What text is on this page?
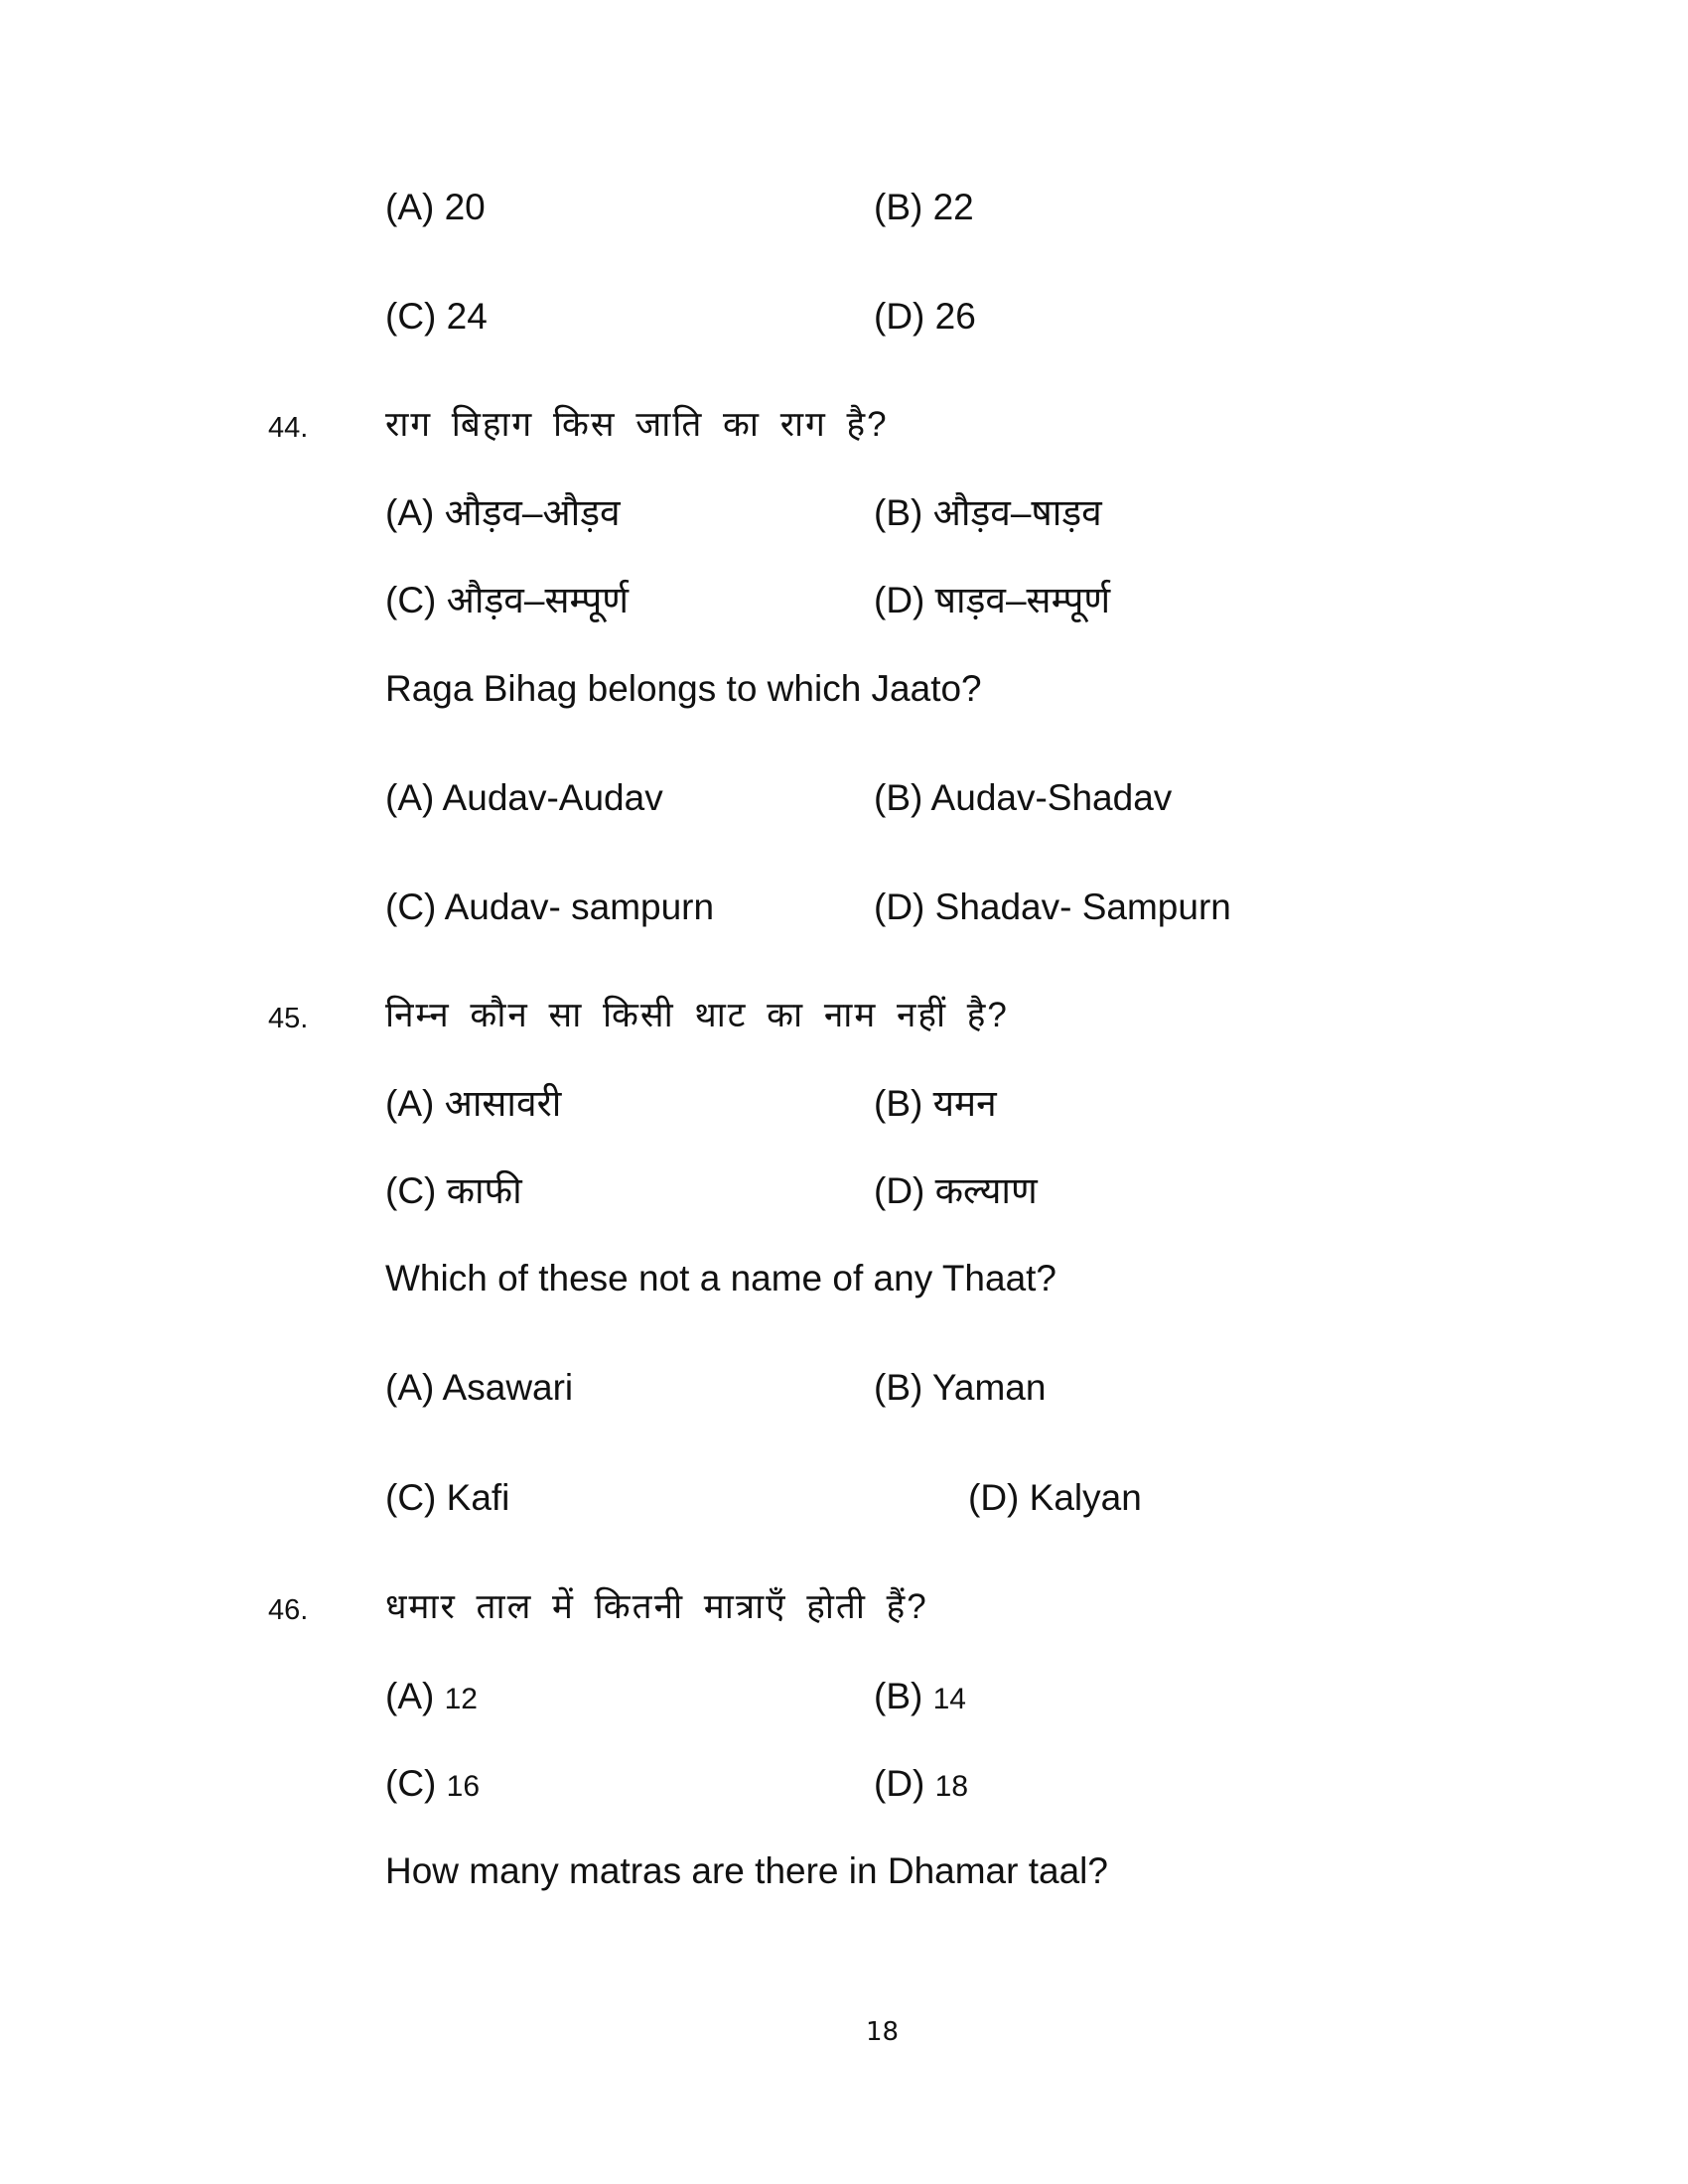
(A) 20	(B) 22
(C) 24	(D) 26
44. राग बिहाग किस जाति का राग है?
(A) औड़व–औड़व	(B) औड़व–षाड़व
(C) औड़व–सम्पूर्ण	(D) षाड़व–सम्पूर्ण
Raga Bihag belongs to which Jaato?
(A) Audav-Audav	(B) Audav-Shadav
(C) Audav- sampurn	(D) Shadav- Sampurn
45. निम्न कौन सा किसी थाट का नाम नहीं है?
(A) आसावरी	(B) यमन
(C) काफी	(D) कल्याण
Which of these not a name of any Thaat?
(A) Asawari	(B) Yaman
(C) Kafi	(D) Kalyan
46. धमार ताल में कितनी मात्राएँ होती हैं?
(A) 12	(B) 14
(C) 16	(D) 18
How many matras are there in Dhamar taal?
18
